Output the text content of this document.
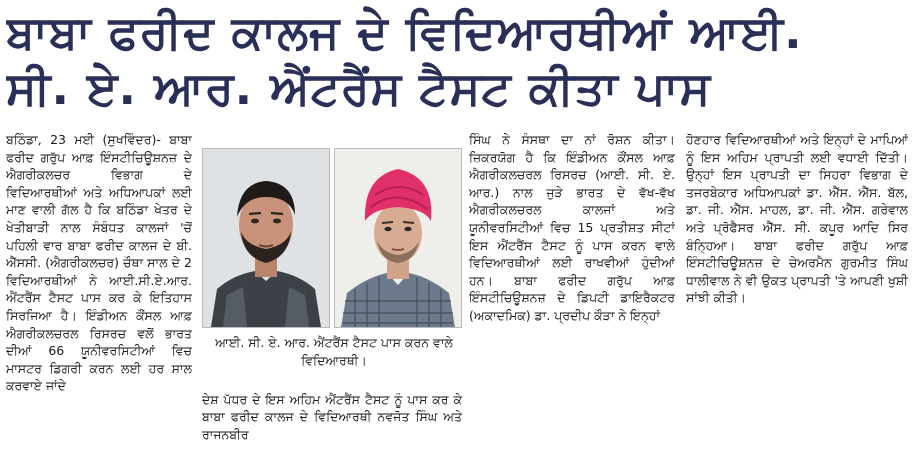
ਬਾਬਾ ਫਰੀਦ ਕਾਲਜ ਦੇ ਵਿਦਿਆਰਥੀਆਂ ਆਈ.
ਸੀ. ਏ. ਆਰ. ਐਂਟਰੈਂਸ ਟੈਸਟ ਕੀਤਾ ਪਾਸ

ਬਠਿੰਡਾ, 23 ਮਈ (ਸੁਖਵਿੰਦਰ)- ਬਾਬਾ ਫਰੀਦ ਗਰੁੱਪ ਆਫ਼ ਇੰਸਟੀਚਿਊਸ਼ਨਜ਼ ਦੇ ਐਗਰੀਕਲਚਰ ਵਿਭਾਗ ਦੇ ਵਿਦਿਆਰਥੀਆਂ ਅਤੇ ਅਧਿਆਪਕਾਂ ਲਈ ਮਾਣ ਵਾਲੀ ਗੱਲ ਹੈ ਕਿ ਬਠਿੰਡਾ ਖੇਤਰ ਦੇ ਖੇਤੀਬਾੜੀ ਨਾਲ ਸੰਬੰਧਤ ਕਾਲਜਾਂ 'ਚੋਂ ਪਹਿਲੀ ਵਾਰ ਬਾਬਾ ਫਰੀਦ ਕਾਲਜ ਦੇ ਬੀ. ਐੱਸਸੀ. (ਐਗਰੀਕਲਚਰ) ਚੌਥਾ ਸਾਲ ਦੇ 2 ਵਿਦਿਆਰਥੀਆਂ ਨੇ ਆਈ.ਸੀ.ਏ.ਆਰ. ਐਂਟਰੈਂਸ ਟੈਸਟ ਪਾਸ ਕਰ ਕੇ ਇਤਿਹਾਸ ਸਿਰਜਿਆ ਹੈ। ਇੰਡੀਅਨ ਕੌਂਸਲ ਆਫ਼ ਐਗਰੀਕਲਚਰਲ ਰਿਸਰਚ ਵਲੋਂ ਭਾਰਤ ਦੀਆਂ 66 ਯੂਨੀਵਰਸਿਟੀਆਂ ਵਿਚ ਮਾਸਟਰ ਡਿਗਰੀ ਕਰਨ ਲਈ ਹਰ ਸਾਲ ਕਰਵਾਏ ਜਾਂਦੇ

ਆਈ. ਸੀ. ਏ. ਆਰ. ਐਂਟਰੈਂਸ ਟੈਸਟ ਪਾਸ ਕਰਨ ਵਾਲੇ ਵਿਦਿਆਰਥੀ।

ਦੇਸ਼ ਪੱਧਰ ਦੇ ਇਸ ਅਹਿਮ ਐਂਟਰੈਂਸ ਟੈਸਟ ਨੂੰ ਪਾਸ ਕਰ ਕੇ ਬਾਬਾ ਫਰੀਦ ਕਾਲਜ ਦੇ ਵਿਦਿਆਰਥੀ ਨਵਜੋਤ ਸਿੰਘ ਅਤੇ ਰਾਜਨਬੀਰ

ਸਿੰਘ ਨੇ ਸੰਸਥਾ ਦਾ ਨਾਂ ਰੋਸ਼ਨ ਕੀਤਾ। ਜ਼ਿਕਰਯੋਗ ਹੈ ਕਿ ਇੰਡੀਅਨ ਕੌਂਸਲ ਆਫ਼ ਐਗਰੀਕਲਚਰਲ ਰਿਸਰਚ (ਆਈ. ਸੀ. ਏ. ਆਰ.) ਨਾਲ ਜੁੜੇ ਭਾਰਤ ਦੇ ਵੱਖ-ਵੱਖ ਐਗਰੀਕਲਚਰਲ ਕਾਲਜਾਂ ਅਤੇ ਯੂਨੀਵਰਸਿਟੀਆਂ ਵਿਚ 15 ਪ੍ਰਤੀਸ਼ਤ ਸੀਟਾਂ ਇਸ ਐਂਟਰੈਂਸ ਟੈਸਟ ਨੂੰ ਪਾਸ ਕਰਨ ਵਾਲੇ ਵਿਦਿਆਰਥੀਆਂ ਲਈ ਰਾਖਵੀਆਂ ਹੁੰਦੀਆਂ ਹਨ। ਬਾਬਾ ਫਰੀਦ ਗਰੁੱਪ ਆਫ਼ ਇੰਸਟੀਚਿਊਸ਼ਨਜ਼ ਦੇ ਡਿਪਟੀ ਡਾਇਰੈਕਟਰ (ਅਕਾਦਮਿਕ) ਡਾ. ਪ੍ਰਦੀਪ ਕੌੜਾ ਨੇ ਇਨ੍ਹਾਂ

ਹੋਣਹਾਰ ਵਿਦਿਆਰਥੀਆਂ ਅਤੇ ਇਨ੍ਹਾਂ ਦੇ ਮਾਪਿਆਂ ਨੂੰ ਇਸ ਅਹਿਮ ਪ੍ਰਾਪਤੀ ਲਈ ਵਧਾਈ ਦਿੱਤੀ। ਉਨ੍ਹਾਂ ਇਸ ਪ੍ਰਾਪਤੀ ਦਾ ਸਿਹਰਾ ਵਿਭਾਗ ਦੇ ਤਜਰਬੇਕਾਰ ਅਧਿਆਪਕਾਂ ਡਾ. ਐੱਸ. ਐੱਸ. ਬੱਲ, ਡਾ. ਜੀ. ਐੱਸ. ਮਾਹਲ, ਡਾ. ਜੀ. ਐੱਸ. ਗਰੇਵਾਲ ਅਤੇ ਪ੍ਰੋਫੈਸਰ ਐੱਸ. ਸੀ. ਕਪੂਰ ਆਦਿ ਸਿਰ ਬੰਨ੍ਹਿਆ। ਬਾਬਾ ਫਰੀਦ ਗਰੁੱਪ ਆਫ਼ ਇੰਸਟੀਚਿਊਸ਼ਨਜ਼ ਦੇ ਚੇਅਰਮੈਨ ਗੁਰਮੀਤ ਸਿੰਘ ਧਾਲੀਵਾਲ ਨੇ ਵੀ ਉਕਤ ਪ੍ਰਾਪਤੀ 'ਤੇ ਆਪਣੀ ਖੁਸ਼ੀ ਸਾਂਝੀ ਕੀਤੀ।
